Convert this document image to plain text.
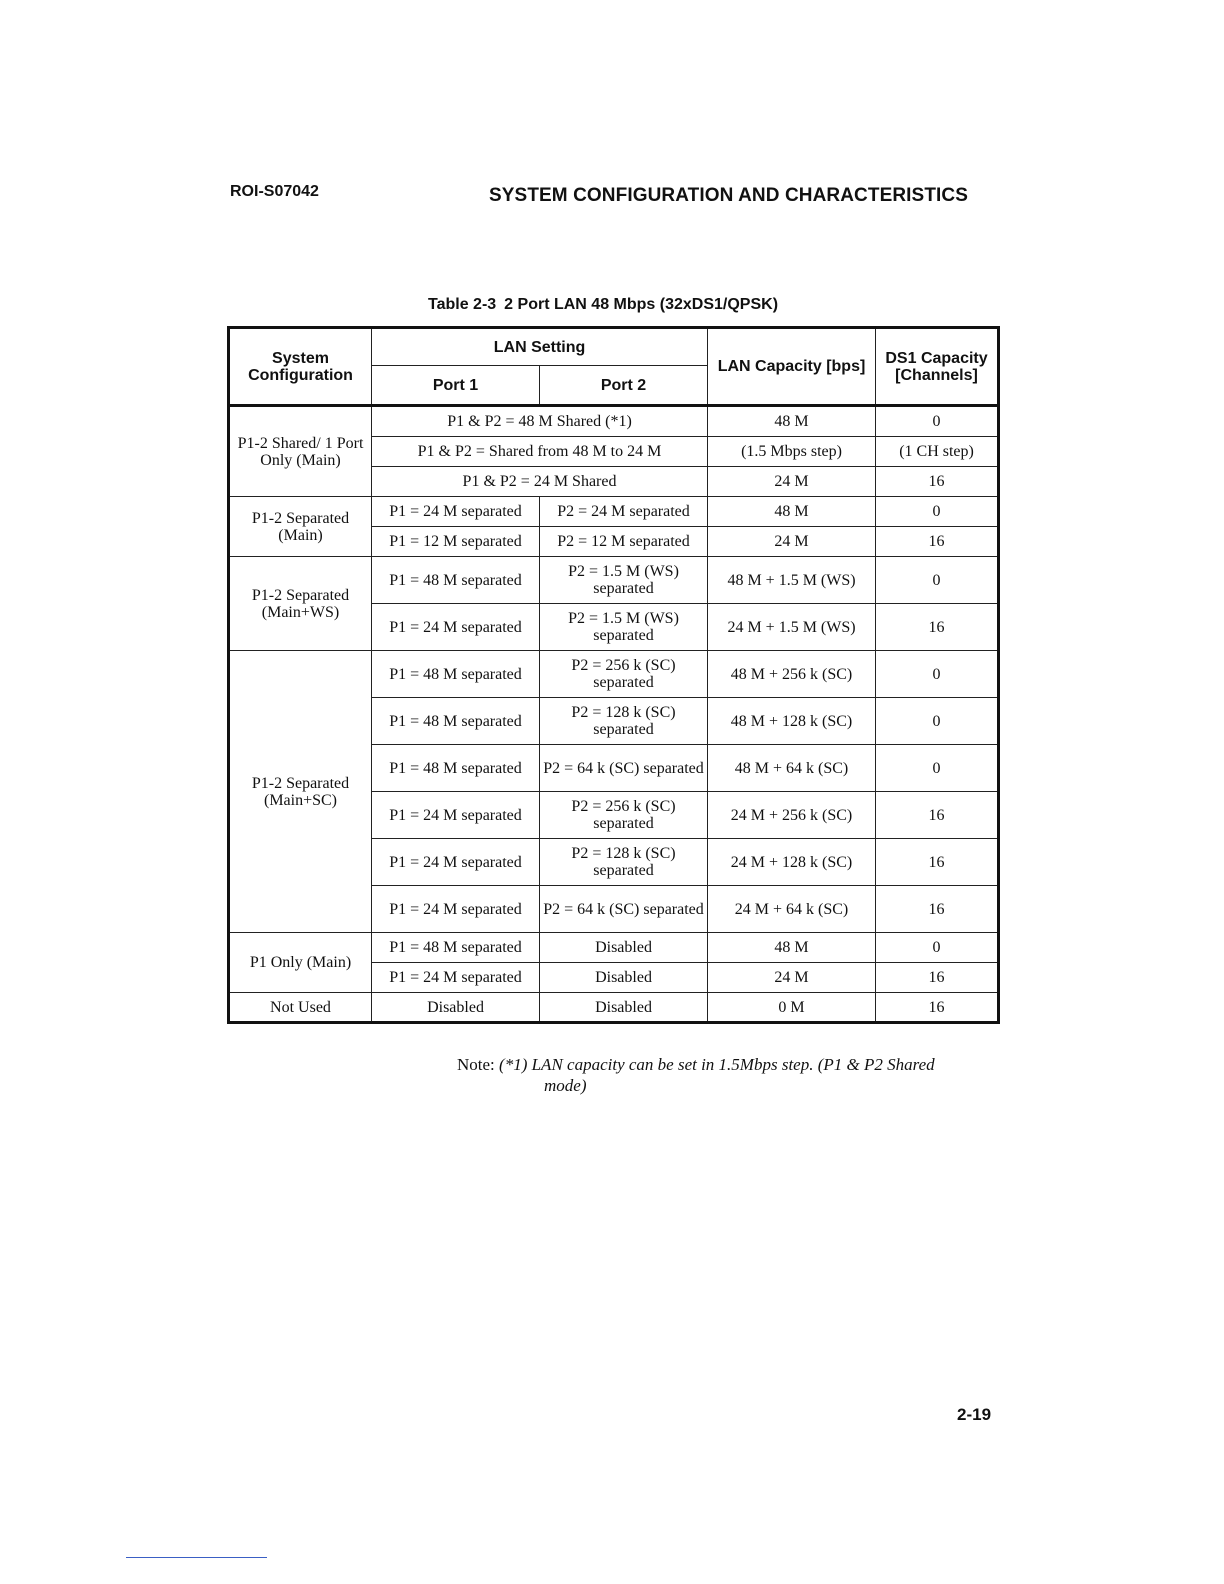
ROI-S07042	SYSTEM CONFIGURATION AND CHARACTERISTICS
Table 2-3 2 Port LAN 48 Mbps (32xDS1/QPSK)
System Configuration	LAN Setting		LAN Capacity [bps]	DS1 Capacity [Channels]
	Port 1	Port 2		
P1-2 Shared/ 1 Port Only (Main)	P1 & P2 = 48 M Shared (*1)		48 M	0
	P1 & P2 = Shared from 48 M to 24 M		(1.5 Mbps step)	(1 CH step)
	P1 & P2 = 24 M Shared		24 M	16
P1-2 Separated (Main)	P1 = 24 M separated	P2 = 24 M separated	48 M	0
	P1 = 12 M separated	P2 = 12 M separated	24 M	16
P1-2 Separated (Main+WS)	P1 = 48 M separated	P2 = 1.5 M (WS) separated	48 M + 1.5 M (WS)	0
	P1 = 24 M separated	P2 = 1.5 M (WS) separated	24 M + 1.5 M (WS)	16
P1-2 Separated (Main+SC)	P1 = 48 M separated	P2 = 256 k (SC) separated	48 M + 256 k (SC)	0
	P1 = 48 M separated	P2 = 128 k (SC) separated	48 M + 128 k (SC)	0
	P1 = 48 M separated	P2 = 64 k (SC) separated	48 M + 64 k (SC)	0
	P1 = 24 M separated	P2 = 256 k (SC) separated	24 M + 256 k (SC)	16
	P1 = 24 M separated	P2 = 128 k (SC) separated	24 M + 128 k (SC)	16
	P1 = 24 M separated	P2 = 64 k (SC) separated	24 M + 64 k (SC)	16
P1 Only (Main)	P1 = 48 M separated	Disabled	48 M	0
	P1 = 24 M separated	Disabled	24 M	16
Not Used	Disabled	Disabled	0 M	16
Note: (*1) LAN capacity can be set in 1.5Mbps step. (P1 & P2 Shared
mode)
2-19
